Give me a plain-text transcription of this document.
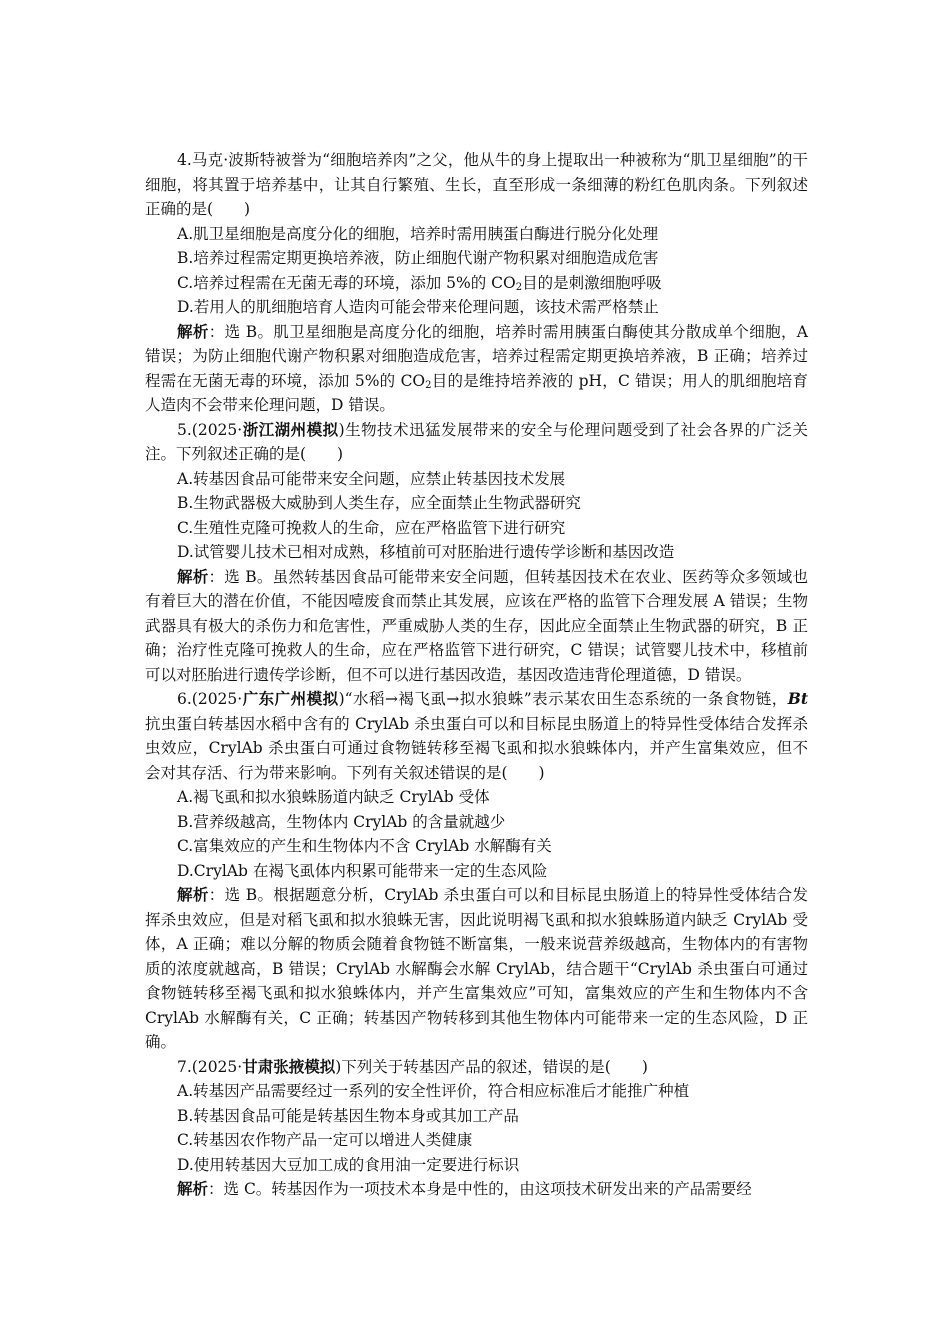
4.马克·波斯特被誉为“细胞培养肉”之父，他从牛的身上提取出一种被称为“肌卫星细胞”的干细胞，将其置于培养基中，让其自行繁殖、生长，直至形成一条细薄的粉红色肌肉条。下列叙述正确的是(　　)

A.肌卫星细胞是高度分化的细胞，培养时需用胰蛋白酶进行脱分化处理

B.培养过程需定期更换培养液，防止细胞代谢产物积累对细胞造成危害

C.培养过程需在无菌无毒的环境，添加 5%的 $CO_2$目的是刺激细胞呼吸

D.若用人的肌细胞培育人造肉可能会带来伦理问题，该技术需严格禁止

解析：选 B。肌卫星细胞是高度分化的细胞，培养时需用胰蛋白酶使其分散成单个细胞，A 错误；为防止细胞代谢产物积累对细胞造成危害，培养过程需定期更换培养液，B 正确；培养过程需在无菌无毒的环境，添加 5%的 $CO_2$目的是维持培养液的 pH，C 错误；用人的肌细胞培育人造肉不会带来伦理问题，D 错误。

5.(2025·浙江湖州模拟)生物技术迅猛发展带来的安全与伦理问题受到了社会各界的广泛关注。下列叙述正确的是(　　)

A.转基因食品可能带来安全问题，应禁止转基因技术发展

B.生物武器极大威胁到人类生存，应全面禁止生物武器研究

C.生殖性克隆可挽救人的生命，应在严格监管下进行研究

D.试管婴儿技术已相对成熟，移植前可对胚胎进行遗传学诊断和基因改造

解析：选 B。虽然转基因食品可能带来安全问题，但转基因技术在农业、医药等众多领域也有着巨大的潜在价值，不能因噎废食而禁止其发展，应该在严格的监管下合理发展 A 错误；生物武器具有极大的杀伤力和危害性，严重威胁人类的生存，因此应全面禁止生物武器的研究，B 正确；治疗性克隆可挽救人的生命，应在严格监管下进行研究，C 错误；试管婴儿技术中，移植前可以对胚胎进行遗传学诊断，但不可以进行基因改造，基因改造违背伦理道德，D 错误。

6.(2025·广东广州模拟)“水稻→褐飞虱→拟水狼蛛”表示某农田生态系统的一条食物链，Bt 抗虫蛋白转基因水稻中含有的 CrylAb 杀虫蛋白可以和目标昆虫肠道上的特异性受体结合发挥杀虫效应，CrylAb 杀虫蛋白可通过食物链转移至褐飞虱和拟水狼蛛体内，并产生富集效应，但不会对其存活、行为带来影响。下列有关叙述错误的是(　　)

A.褐飞虱和拟水狼蛛肠道内缺乏 CrylAb 受体

B.营养级越高，生物体内 CrylAb 的含量就越少

C.富集效应的产生和生物体内不含 CrylAb 水解酶有关

D.CrylAb 在褐飞虱体内积累可能带来一定的生态风险

解析：选 B。根据题意分析，CrylAb 杀虫蛋白可以和目标昆虫肠道上的特异性受体结合发挥杀虫效应，但是对稻飞虱和拟水狼蛛无害，因此说明褐飞虱和拟水狼蛛肠道内缺乏 CrylAb 受体，A 正确；难以分解的物质会随着食物链不断富集，一般来说营养级越高，生物体内的有害物质的浓度就越高，B 错误；CrylAb 水解酶会水解 CrylAb，结合题干“CrylAb 杀虫蛋白可通过食物链转移至褐飞虱和拟水狼蛛体内，并产生富集效应”可知，富集效应的产生和生物体内不含 CrylAb 水解酶有关，C 正确；转基因产物转移到其他生物体内可能带来一定的生态风险，D 正确。

7.(2025·甘肃张掖模拟)下列关于转基因产品的叙述，错误的是(　　)

A.转基因产品需要经过一系列的安全性评价，符合相应标准后才能推广种植

B.转基因食品可能是转基因生物本身或其加工产品

C.转基因农作物产品一定可以增进人类健康

D.使用转基因大豆加工成的食用油一定要进行标识

解析：选 C。转基因作为一项技术本身是中性的，由这项技术研发出来的产品需要经
